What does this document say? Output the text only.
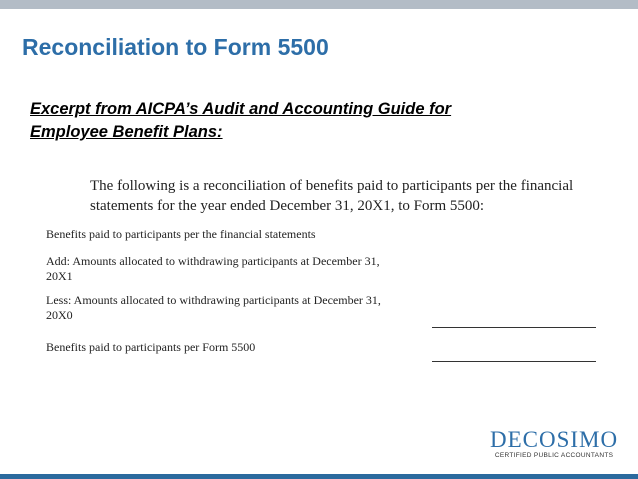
Reconciliation to Form 5500
Excerpt from AICPA’s Audit and Accounting Guide for
Employee Benefit Plans:
The following is a reconciliation of benefits paid to participants per the financial
statements for the year ended December 31, 20X1, to Form 5500:
Benefits paid to participants per the financial statements
Add: Amounts allocated to withdrawing participants at December 31,
20X1
Less: Amounts allocated to withdrawing participants at December 31,
20X0
Benefits paid to participants per Form 5500
DECOSIMO
CERTIFIED PUBLIC ACCOUNTANTS
